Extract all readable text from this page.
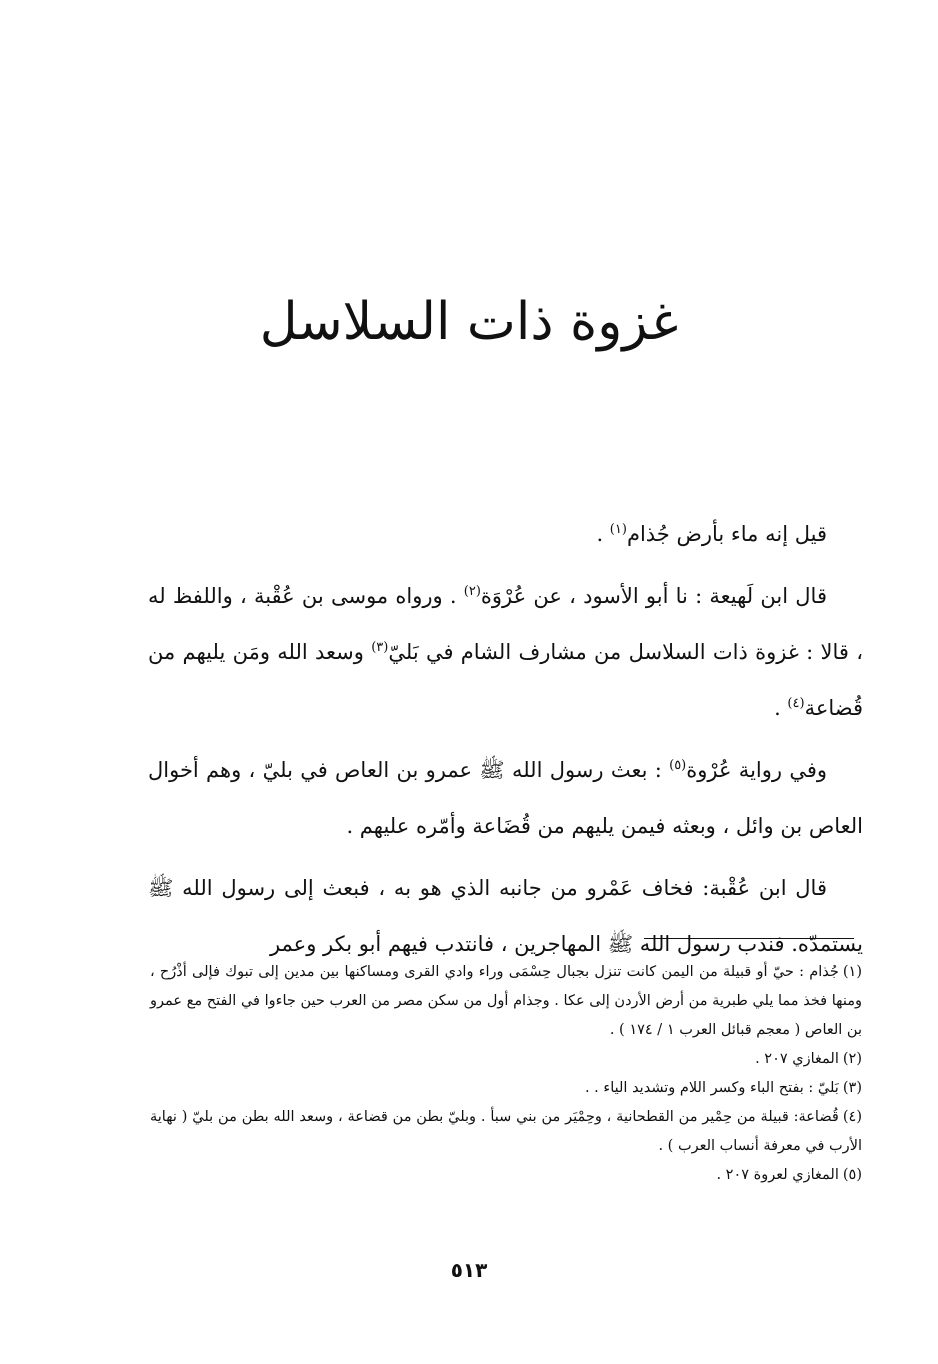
غزوة ذات السلاسل

قيل إنه ماء بأرض جُذام$^{(١)}$ .

قال ابن لَهيعة : نا أبو الأسود ، عن عُرْوَة$^{(٢)}$ . ورواه موسى بن عُقْبة ، واللفظ له ، قالا : غزوة ذات السلاسل من مشارف الشام في بَليّ$^{(٣)}$ وسعد الله ومَن يليهم من قُضاعة$^{(٤)}$ .

وفي رواية عُرْوة$^{(٥)}$ : بعث رسول الله ﷺ عمرو بن العاص في بليّ ، وهم أخوال العاص بن وائل ، وبعثه فيمن يليهم من قُضَاعة وأمّره عليهم .

قال ابن عُقْبة: فخاف عَمْرو من جانبه الذي هو به ، فبعث إلى رسول الله ﷺ يستمدّه. فندب رسول الله ﷺ المهاجرين ، فانتدب فيهم أبو بكر وعمر

(١)جُذام : حيّ أو قبيلة من اليمن كانت تنزل بجبال حِسْمَى وراء وادي القرى ومساكنها بين مدين إلى تبوك فإلى أذْرُح ، ومنها فخذ مما يلي طبرية من أرض الأردن إلى عكا . وجذام أول من سكن مصر من العرب حين جاءوا في الفتح مع عمرو بن العاص ( معجم قبائل العرب ١ / ١٧٤ ) .

(٢)المغازي ٢٠٧ .

(٣)بَليّ : بفتح الباء وكسر اللام وتشديد الياء . .

(٤)قُضاعة: قبيلة من حِمْير من القطحانية ، وحِمْيَر من بني سبأ . وبليّ بطن من قضاعة ، وسعد الله بطن من بليّ ( نهاية الأرب في معرفة أنساب العرب ) .

(٥)المغازي لعروة ٢٠٧ .

٥١٣
